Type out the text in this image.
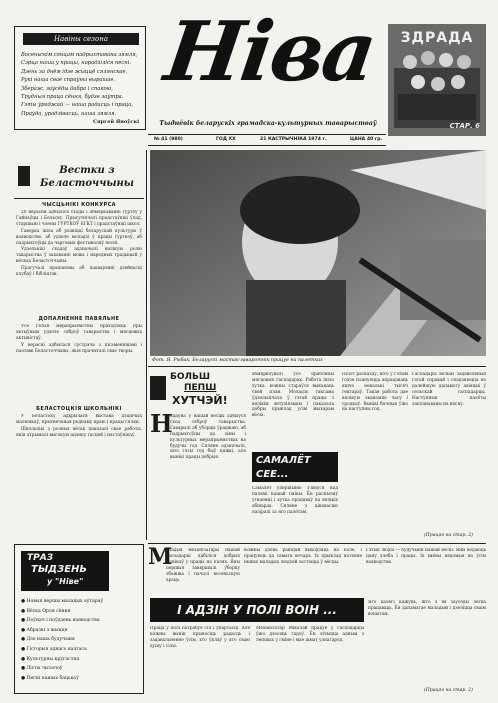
Навіны сезона
Восеньскім сонцам падрыхтавана зямля,
Сэрца наша ў працы, нарадзіліся песні.
Дзень за днём ідзе жыццё сялянскае,
Рукі наша свае спраўны вырашае.
Збераж, заўсёды дабра і спакою,
Трудныя праца сёння, будзе заўтра.
Гэты ўраджай — наша радасць і праца,
Праўда, урадлівасць, наша зямля.
Сяргей Яноўскі
Ніва
Тыднёвік беларускіх грамадска-культурных таварыстваў
№ 41 (980)	ГОД XX	21 КАСТРЫЧНІКА 1974 г.	ЦАНА 40 гр.
ЗДРАДА
СТАР. 6
Вестки з Беласточчыны
ЧЫСЦЬНІКІ КОНКУРСА

20 верасня адбыліся сходы і абмеркаванні гуртоў у Гайнаўцы і Бельску. Прысутнічалі прадстаўнікі ўлад, старшыні і члены ГУРТКОЎ БГКТ і прадстаўнікі школ.

Гаворка ішла аб развіцці беларускай культуры ў ваяводстве, аб удзеле моладзі ў працы гурткоў, аб падрыхтоўцы да чарговых фестываляў песні.

Удзельнікі сходаў адзначылі вялікую ролю таварыства ў захаванні мовы і народных традыцый у вёсках Беласточчыны.

Прагучалі прапановы аб пашырэнні дзейнасці клубаў і бібліятэк.

ДОПАЛНЕННЕ ПАВЯЛЬНЕ

Усе гэтыя мерапрыемствы праходзяць пры актыўным удзеле сяброў таварыства і мясцовых актывістаў.

У верасні адбылася сустрэча з пісьменнікамі і паэтамі Беласточчыны, якія прачыталі свае творы.

БЕЛАСТОЦКІЯ ШКОЛЬНІКІ

У Беластоку адкрылася выстава дзіцячых малюнкаў, прысвечаная роднаму краю і працы сялян.

Школьнікі з розных вёсак паказалі свае работы, якія атрымалі высокую ацэнку гасцей і настаўнікаў.

Фот. Я. Рыбак. Беларускі мастак-гаваротнік працуе на палетках
БОЛЬШ
ПЕПШ
ХУТЧЭЙ!
Н
ядаўна ў нашай вёсцы адбыўся сход сяброў таварыства. Гаварылі аб уборцы ўраджаю, аб падрыхтоўцы да зімы і культурных мерапрыемствах на будучы год. Сяляне адзначылі, што гэты год быў цяжкі, але вынікі працы добрыя.
абмяркоўвалі ўсе праблемы мясцовых гаспадарак. Работа ішла хутка, кожны стараўся выканаць свой план. Моладзь таксама ўдзельнічала ў гэтай працы з вялікім энтузіязмам і паказала добры прыклад усім жыхарам вёскі.
САМАЛЁТ СЕЕ...
Самалёт упершыню з'явіўся над палямі нашай гміны. Ён распыляў угнаенні і хутка працаваў на вялікіх абшарах. Сяляне з цікавасцю назіралі за яго палётам.
Пілот расказаў, што ў гэтым годзе плануецца апрацаваць яшчэ некалькі тысяч гектараў. Такая работа дае вялікую эканомію часу і сродкаў. Вынікі бачныя ўжо на наступны год.
Гаспадары вельмі задаволеныя гэтай справай і спадзяюцца на далейшую дапамогу авіяцыі ў сельскай гаспадарцы. Наступныя палёты запланаваны на вясну.
(Працяг на стар. 2)
ТРАЗ
ТЫДЗЕНЬ
у "Ніве"
● Новыя вершы маладых аўтараў
● Вёска Орля сёння
● Поўнач і поўдзень ваяводства
● Абразкі з жыцця
● Дзе наша будучыня
● Гісторыя аднаго калгаса
● Культурны кругагляд
● Лісты чытачоў
● Песні нашых бацькоў
М
аладыя механізатары нашай гаспадаркі дабіліся добрых вынікаў у працы на палях. Яны першыя завяршылі ўборку збожжа і пачалі восеньскую араць.
Кожны дзень раніцай выходзяць на поле, і працуюць да самага вечара. Іх прыклад натхняе іншых маладых людзей застацца ў вёсцы.
Гэтыя людзі — будучыня нашай вёскі. Яны ведаюць цану хлеба і працы. Іх імёны вядомыя ва ўсім ваяводстве.
І АДЗІН У ПОЛІ ВОІН ...
Праца ў полі патрабуе сіл і ўпартасці. Але кожны вынік прыносіць радасць і задавальненне ўсім, хто ўклаў у яго сваю душу і сілы.
Механізатар Мікалай працуе ў гаспадарцы ўжо дзесяць гадоў. Ён лічыцца адным з лепшых у гміне і мае шмат узнагарод.
Яго калегі кажуць, што з ім заўсёды лёгка працаваць. Ён дапамагае маладым і дзеліцца сваім вопытам.
(Працяг на стар. 2)
